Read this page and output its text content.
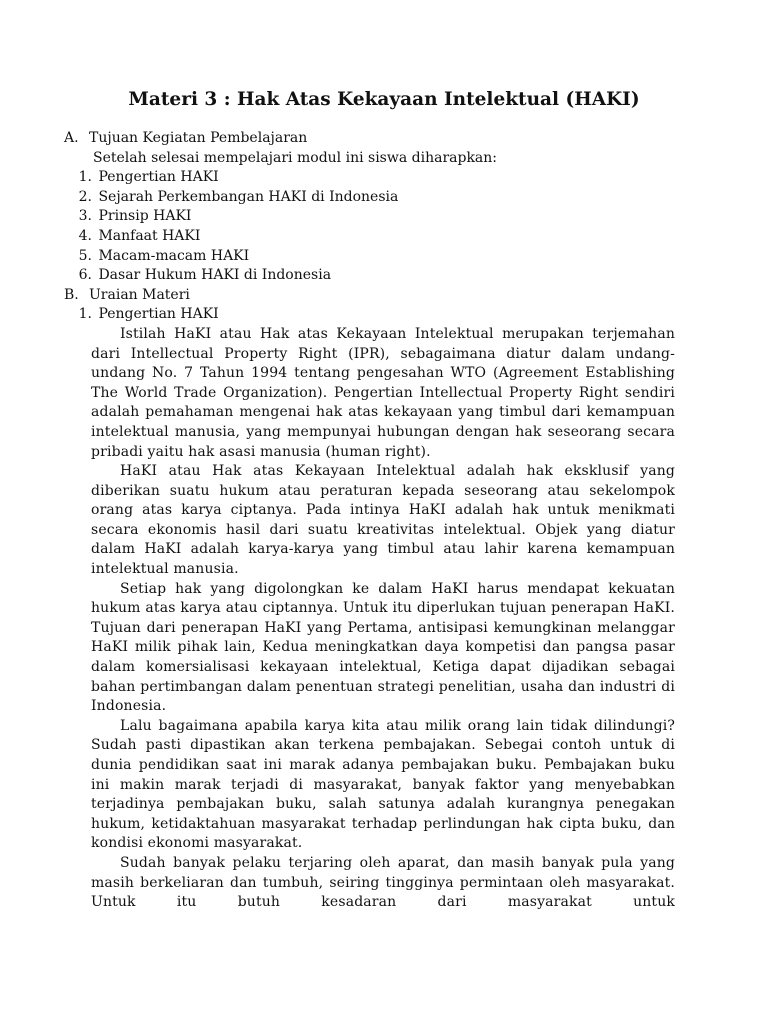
Materi 3 : Hak Atas Kekayaan Intelektual (HAKI)
A. Tujuan Kegiatan Pembelajaran
Setelah selesai mempelajari modul ini siswa diharapkan:
1. Pengertian HAKI
2. Sejarah Perkembangan HAKI di Indonesia
3. Prinsip HAKI
4. Manfaat HAKI
5. Macam-macam HAKI
6. Dasar Hukum HAKI di Indonesia
B. Uraian Materi
1. Pengertian HAKI

Istilah HaKI atau Hak atas Kekayaan Intelektual merupakan terjemahan dari Intellectual Property Right (IPR), sebagaimana diatur dalam undang-undang No. 7 Tahun 1994 tentang pengesahan WTO (Agreement Establishing The World Trade Organization). Pengertian Intellectual Property Right sendiri adalah pemahaman mengenai hak atas kekayaan yang timbul dari kemampuan intelektual manusia, yang mempunyai hubungan dengan hak seseorang secara pribadi yaitu hak asasi manusia (human right).

HaKI atau Hak atas Kekayaan Intelektual adalah hak eksklusif yang diberikan suatu hukum atau peraturan kepada seseorang atau sekelompok orang atas karya ciptanya. Pada intinya HaKI adalah hak untuk menikmati secara ekonomis hasil dari suatu kreativitas intelektual. Objek yang diatur dalam HaKI adalah karya-karya yang timbul atau lahir karena kemampuan intelektual manusia.

Setiap hak yang digolongkan ke dalam HaKI harus mendapat kekuatan hukum atas karya atau ciptannya. Untuk itu diperlukan tujuan penerapan HaKI. Tujuan dari penerapan HaKI yang Pertama, antisipasi kemungkinan melanggar HaKI milik pihak lain, Kedua meningkatkan daya kompetisi dan pangsa pasar dalam komersialisasi kekayaan intelektual, Ketiga dapat dijadikan sebagai bahan pertimbangan dalam penentuan strategi penelitian, usaha dan industri di Indonesia.

Lalu bagaimana apabila karya kita atau milik orang lain tidak dilindungi? Sudah pasti dipastikan akan terkena pembajakan. Sebegai contoh untuk di dunia pendidikan saat ini marak adanya pembajakan buku. Pembajakan buku ini makin marak terjadi di masyarakat, banyak faktor yang menyebabkan terjadinya pembajakan buku, salah satunya adalah kurangnya penegakan hukum, ketidaktahuan masyarakat terhadap perlindungan hak cipta buku, dan kondisi ekonomi masyarakat.

Sudah banyak pelaku terjaring oleh aparat, dan masih banyak pula yang masih berkeliaran dan tumbuh, seiring tingginya permintaan oleh masyarakat. Untuk itu butuh kesadaran dari masyarakat untuk
